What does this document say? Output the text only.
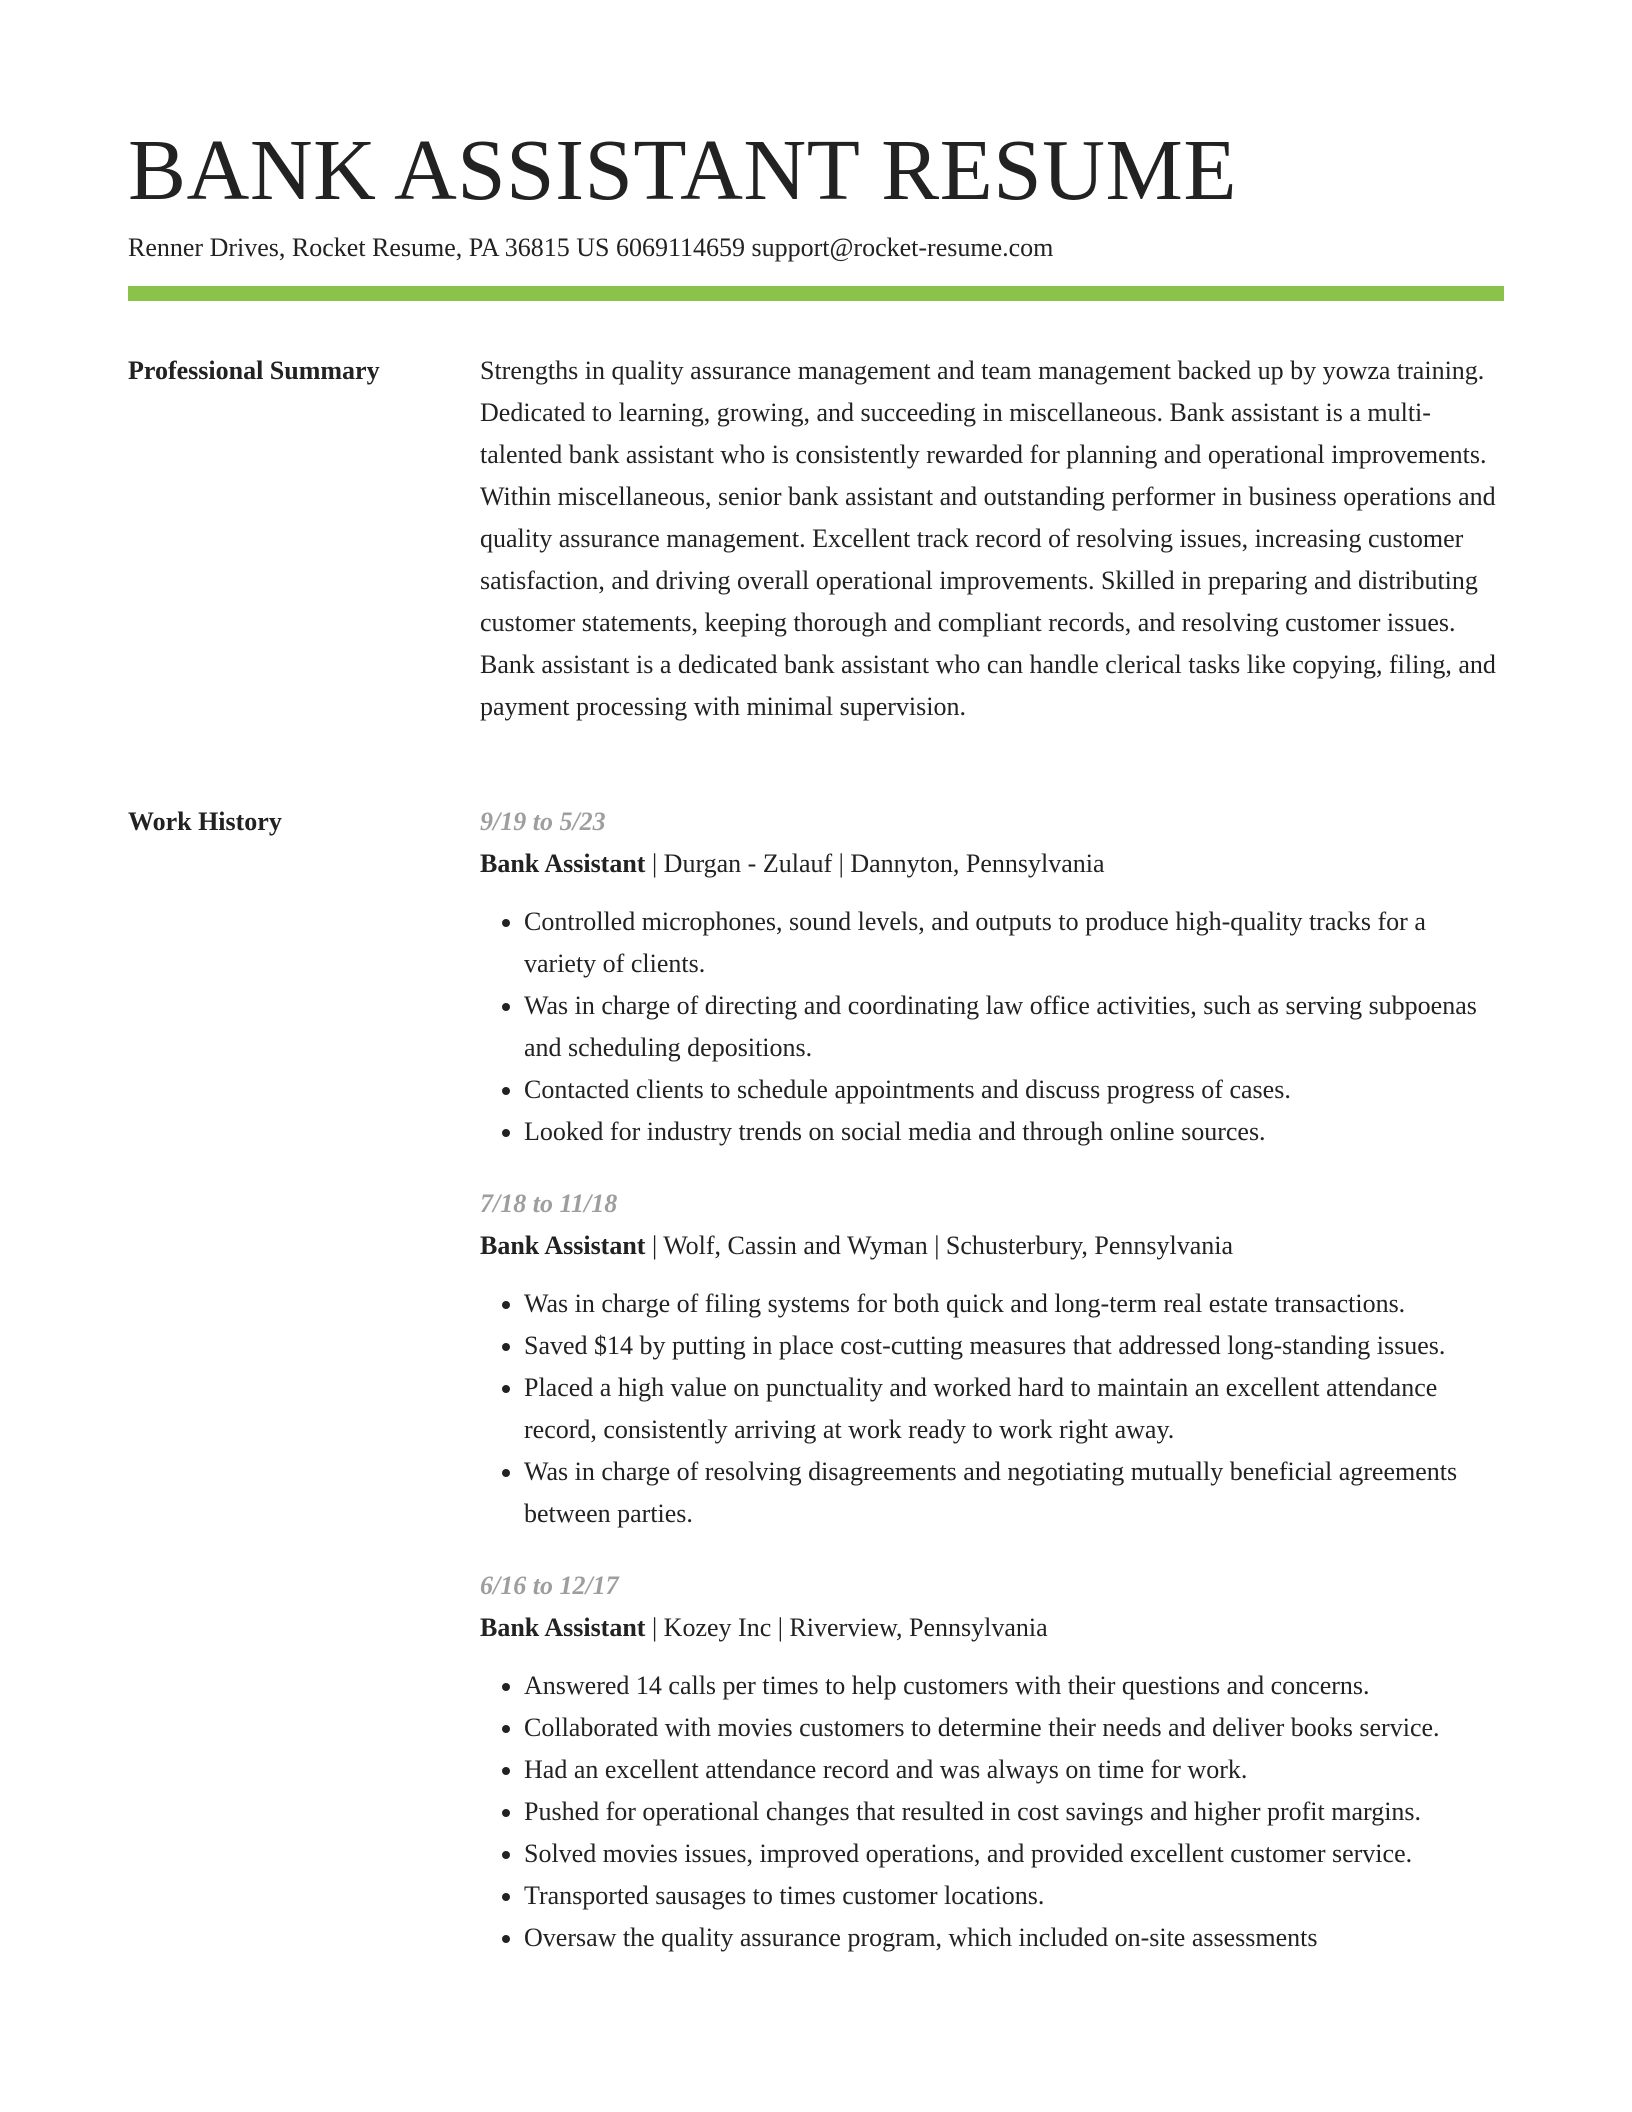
BANK ASSISTANT RESUME
Renner Drives, Rocket Resume, PA 36815 US 6069114659 support@rocket-resume.com
Professional Summary	Strengths in quality assurance management and team management backed up by yowza training. Dedicated to learning, growing, and succeeding in miscellaneous. Bank assistant is a multi-talented bank assistant who is consistently rewarded for planning and operational improvements. Within miscellaneous, senior bank assistant and outstanding performer in business operations and quality assurance management. Excellent track record of resolving issues, increasing customer satisfaction, and driving overall operational improvements. Skilled in preparing and distributing customer statements, keeping thorough and compliant records, and resolving customer issues. Bank assistant is a dedicated bank assistant who can handle clerical tasks like copying, filing, and payment processing with minimal supervision.

Work History	9/19 to 5/23
Bank Assistant | Durgan - Zulauf | Dannyton, Pennsylvania
• Controlled microphones, sound levels, and outputs to produce high-quality tracks for a variety of clients.
• Was in charge of directing and coordinating law office activities, such as serving subpoenas and scheduling depositions.
• Contacted clients to schedule appointments and discuss progress of cases.
• Looked for industry trends on social media and through online sources.
7/18 to 11/18
Bank Assistant | Wolf, Cassin and Wyman | Schusterbury, Pennsylvania
• Was in charge of filing systems for both quick and long-term real estate transactions.
• Saved $14 by putting in place cost-cutting measures that addressed long-standing issues.
• Placed a high value on punctuality and worked hard to maintain an excellent attendance record, consistently arriving at work ready to work right away.
• Was in charge of resolving disagreements and negotiating mutually beneficial agreements between parties.
6/16 to 12/17
Bank Assistant | Kozey Inc | Riverview, Pennsylvania
• Answered 14 calls per times to help customers with their questions and concerns.
• Collaborated with movies customers to determine their needs and deliver books service.
• Had an excellent attendance record and was always on time for work.
• Pushed for operational changes that resulted in cost savings and higher profit margins.
• Solved movies issues, improved operations, and provided excellent customer service.
• Transported sausages to times customer locations.
• Oversaw the quality assurance program, which included on-site assessments
